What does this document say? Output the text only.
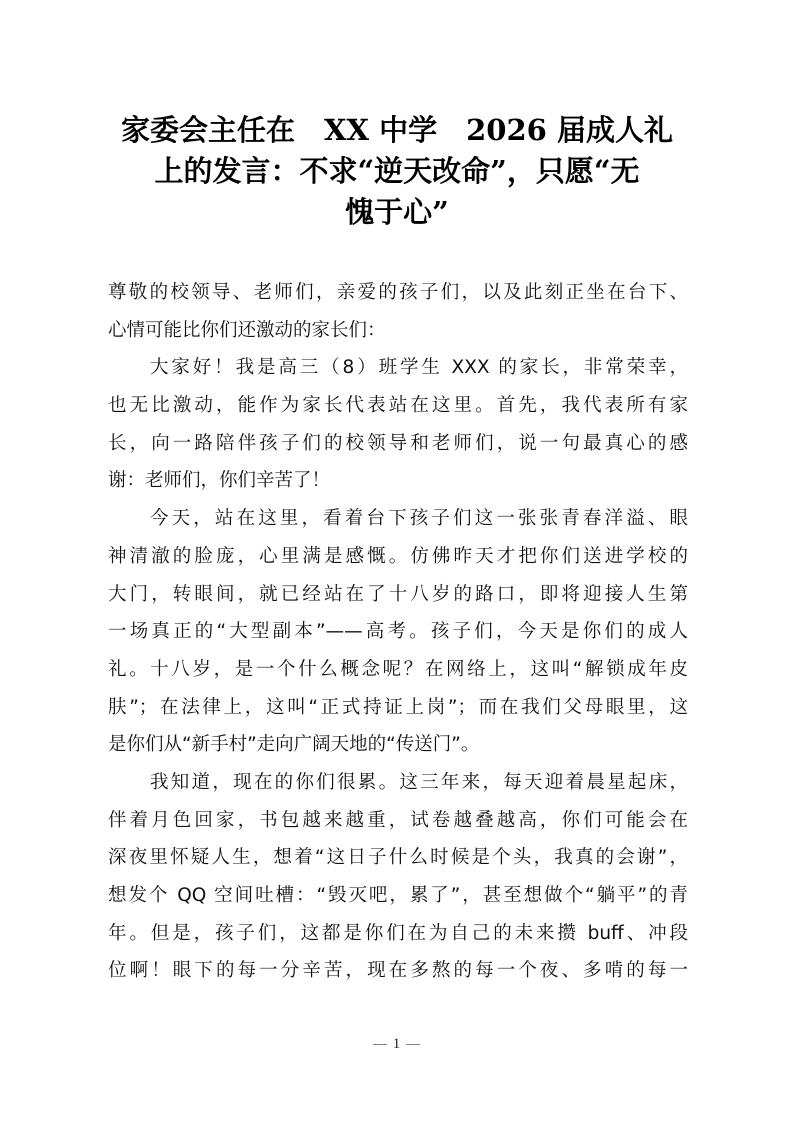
家委会主任在　XX 中学　2026 届成人礼
上的发言：不求“逆天改命”，只愿“无
愧于心”
尊敬的校领导、老师们，亲爱的孩子们，以及此刻正坐在台下、
心情可能比你们还激动的家长们：
大家好！我是高三（8）班学生 XXX 的家长，非常荣幸，
也无比激动，能作为家长代表站在这里。首先，我代表所有家
长，向一路陪伴孩子们的校领导和老师们，说一句最真心的感
谢：老师们，你们辛苦了！
今天，站在这里，看着台下孩子们这一张张青春洋溢、眼
神清澈的脸庞，心里满是感慨。仿佛昨天才把你们送进学校的
大门，转眼间，就已经站在了十八岁的路口，即将迎接人生第
一场真正的“大型副本”——高考。孩子们，今天是你们的成人
礼。十八岁，是一个什么概念呢？在网络上，这叫“解锁成年皮
肤”；在法律上，这叫“正式持证上岗”；而在我们父母眼里，这
是你们从“新手村”走向广阔天地的“传送门”。
我知道，现在的你们很累。这三年来，每天迎着晨星起床，
伴着月色回家，书包越来越重，试卷越叠越高，你们可能会在
深夜里怀疑人生，想着“这日子什么时候是个头，我真的会谢”，
想发个 QQ 空间吐槽：“毁灭吧，累了”，甚至想做个“躺平”的青
年。但是，孩子们，这都是你们在为自己的未来攒 buff、冲段
位啊！眼下的每一分辛苦，现在多熬的每一个夜、多啃的每一
1
